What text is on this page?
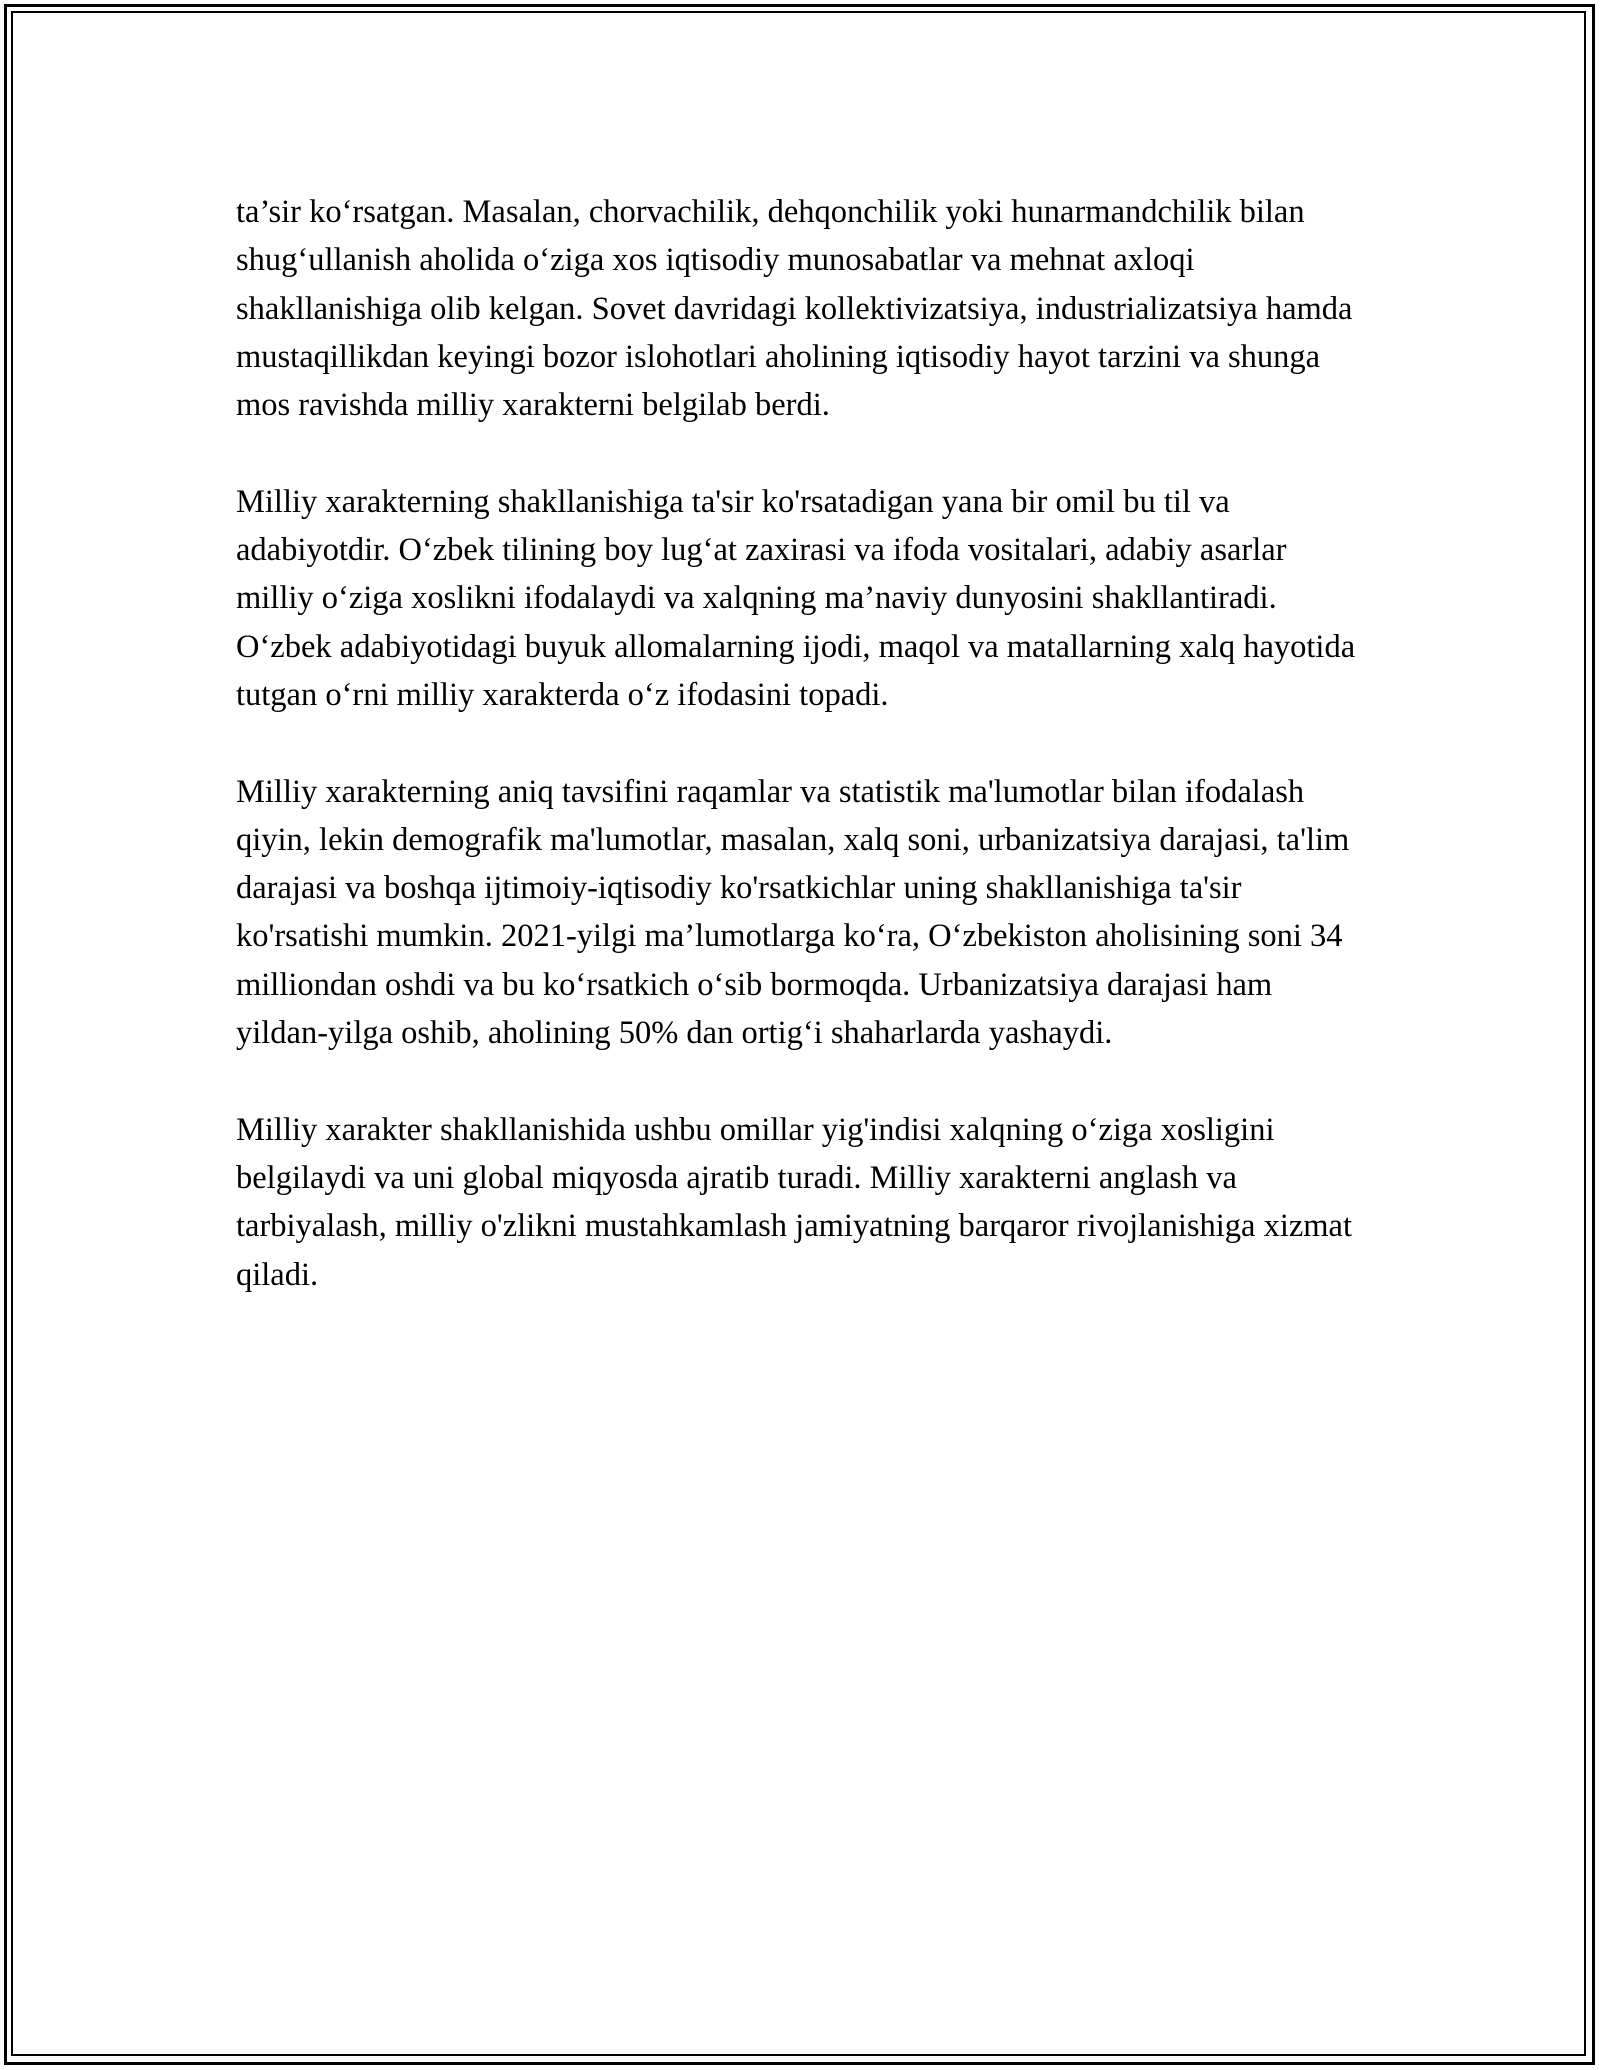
ta’sir ko‘rsatgan. Masalan, chorvachilik, dehqonchilik yoki hunarmandchilik bilan shug‘ullanish aholida o‘ziga xos iqtisodiy munosabatlar va mehnat axloqi shakllanishiga olib kelgan. Sovet davridagi kollektivizatsiya, industrializatsiya hamda mustaqillikdan keyingi bozor islohotlari aholining iqtisodiy hayot tarzini va shunga mos ravishda milliy xarakterni belgilab berdi.

Milliy xarakterning shakllanishiga ta'sir ko'rsatadigan yana bir omil bu til va adabiyotdir. O‘zbek tilining boy lug‘at zaxirasi va ifoda vositalari, adabiy asarlar milliy o‘ziga xoslikni ifodalaydi va xalqning ma’naviy dunyosini shakllantiradi. O‘zbek adabiyotidagi buyuk allomalarning ijodi, maqol va matallarning xalq hayotida tutgan o‘rni milliy xarakterda o‘z ifodasini topadi.

Milliy xarakterning aniq tavsifini raqamlar va statistik ma'lumotlar bilan ifodalash qiyin, lekin demografik ma'lumotlar, masalan, xalq soni, urbanizatsiya darajasi, ta'lim darajasi va boshqa ijtimoiy-iqtisodiy ko'rsatkichlar uning shakllanishiga ta'sir ko'rsatishi mumkin. 2021-yilgi ma’lumotlarga ko‘ra, O‘zbekiston aholisining soni 34 milliondan oshdi va bu ko‘rsatkich o‘sib bormoqda. Urbanizatsiya darajasi ham yildan-yilga oshib, aholining 50% dan ortig‘i shaharlarda yashaydi.

Milliy xarakter shakllanishida ushbu omillar yig'indisi xalqning o‘ziga xosligini belgilaydi va uni global miqyosda ajratib turadi. Milliy xarakterni anglash va tarbiyalash, milliy o'zlikni mustahkamlash jamiyatning barqaror rivojlanishiga xizmat qiladi.
